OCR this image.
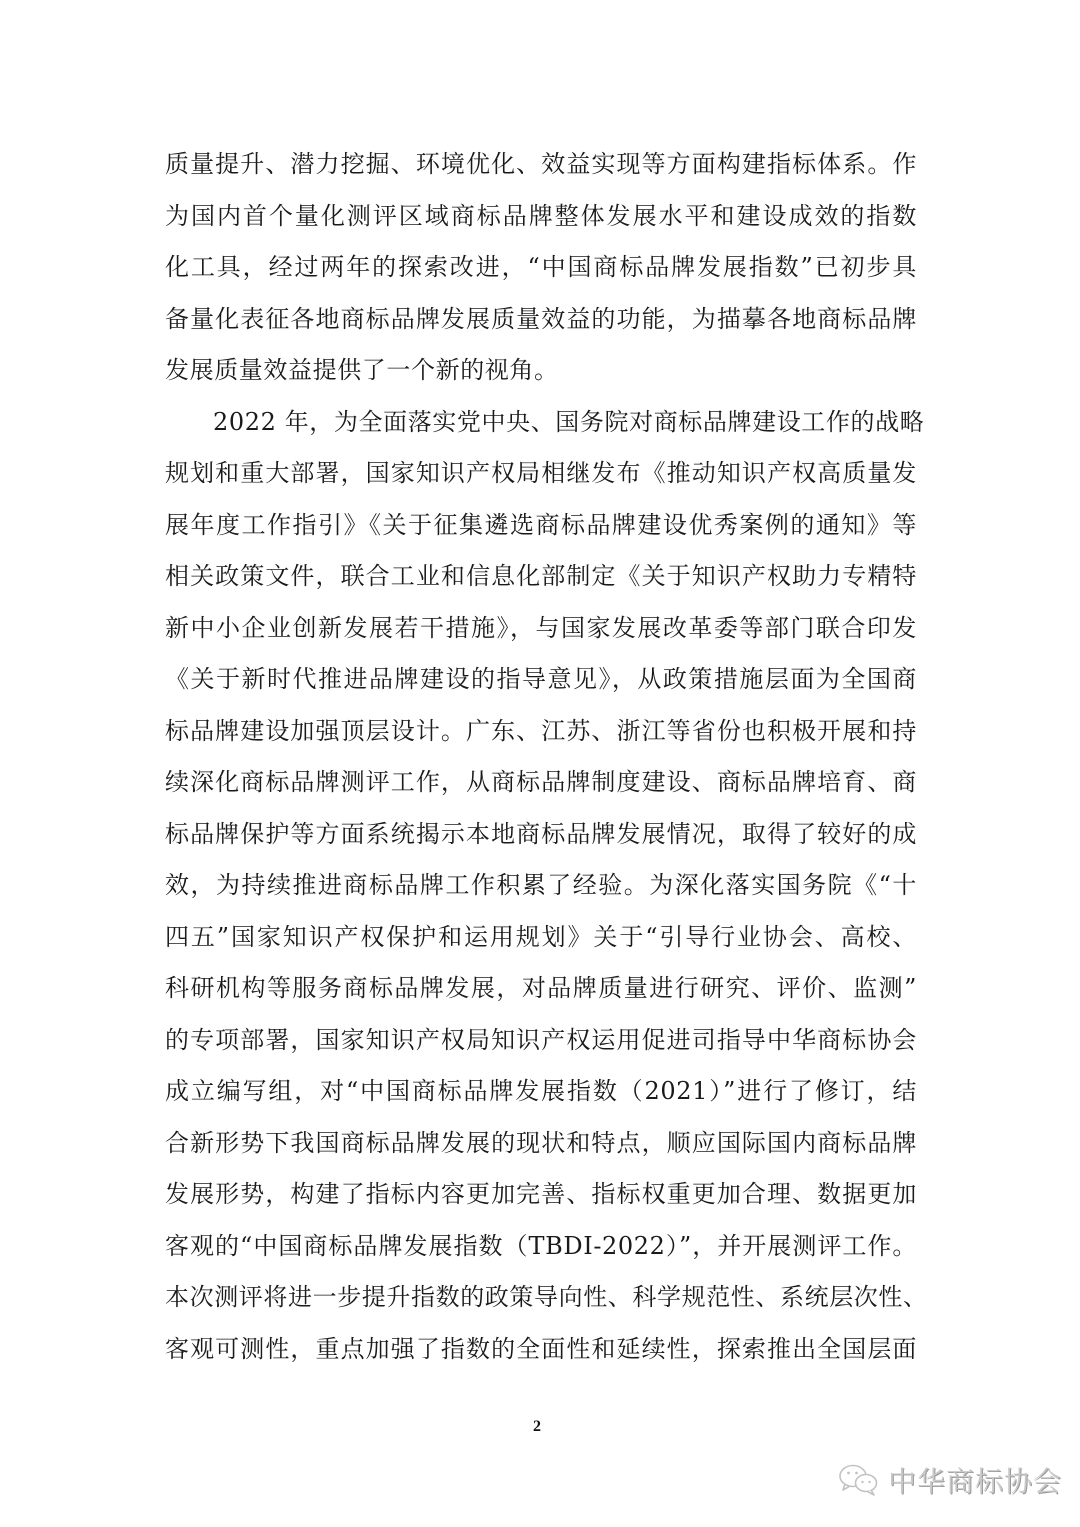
质量提升、潜力挖掘、环境优化、效益实现等方面构建指标体系。作
为国内首个量化测评区域商标品牌整体发展水平和建设成效的指数
化工具，经过两年的探索改进，“中国商标品牌发展指数”已初步具
备量化表征各地商标品牌发展质量效益的功能，为描摹各地商标品牌
发展质量效益提供了一个新的视角。
2022 年，为全面落实党中央、国务院对商标品牌建设工作的战略
规划和重大部署，国家知识产权局相继发布《推动知识产权高质量发
展年度工作指引》《关于征集遴选商标品牌建设优秀案例的通知》等
相关政策文件，联合工业和信息化部制定《关于知识产权助力专精特
新中小企业创新发展若干措施》，与国家发展改革委等部门联合印发
《关于新时代推进品牌建设的指导意见》，从政策措施层面为全国商
标品牌建设加强顶层设计。广东、江苏、浙江等省份也积极开展和持
续深化商标品牌测评工作，从商标品牌制度建设、商标品牌培育、商
标品牌保护等方面系统揭示本地商标品牌发展情况，取得了较好的成
效，为持续推进商标品牌工作积累了经验。为深化落实国务院《“十
四五”国家知识产权保护和运用规划》关于“引导行业协会、高校、
科研机构等服务商标品牌发展，对品牌质量进行研究、评价、监测”
的专项部署，国家知识产权局知识产权运用促进司指导中华商标协会
成立编写组，对“中国商标品牌发展指数（2021）”进行了修订，结
合新形势下我国商标品牌发展的现状和特点，顺应国际国内商标品牌
发展形势，构建了指标内容更加完善、指标权重更加合理、数据更加
客观的“中国商标品牌发展指数（TBDI-2022）”，并开展测评工作。
本次测评将进一步提升指数的政策导向性、科学规范性、系统层次性、
客观可测性，重点加强了指数的全面性和延续性，探索推出全国层面
2
中华商标协会
